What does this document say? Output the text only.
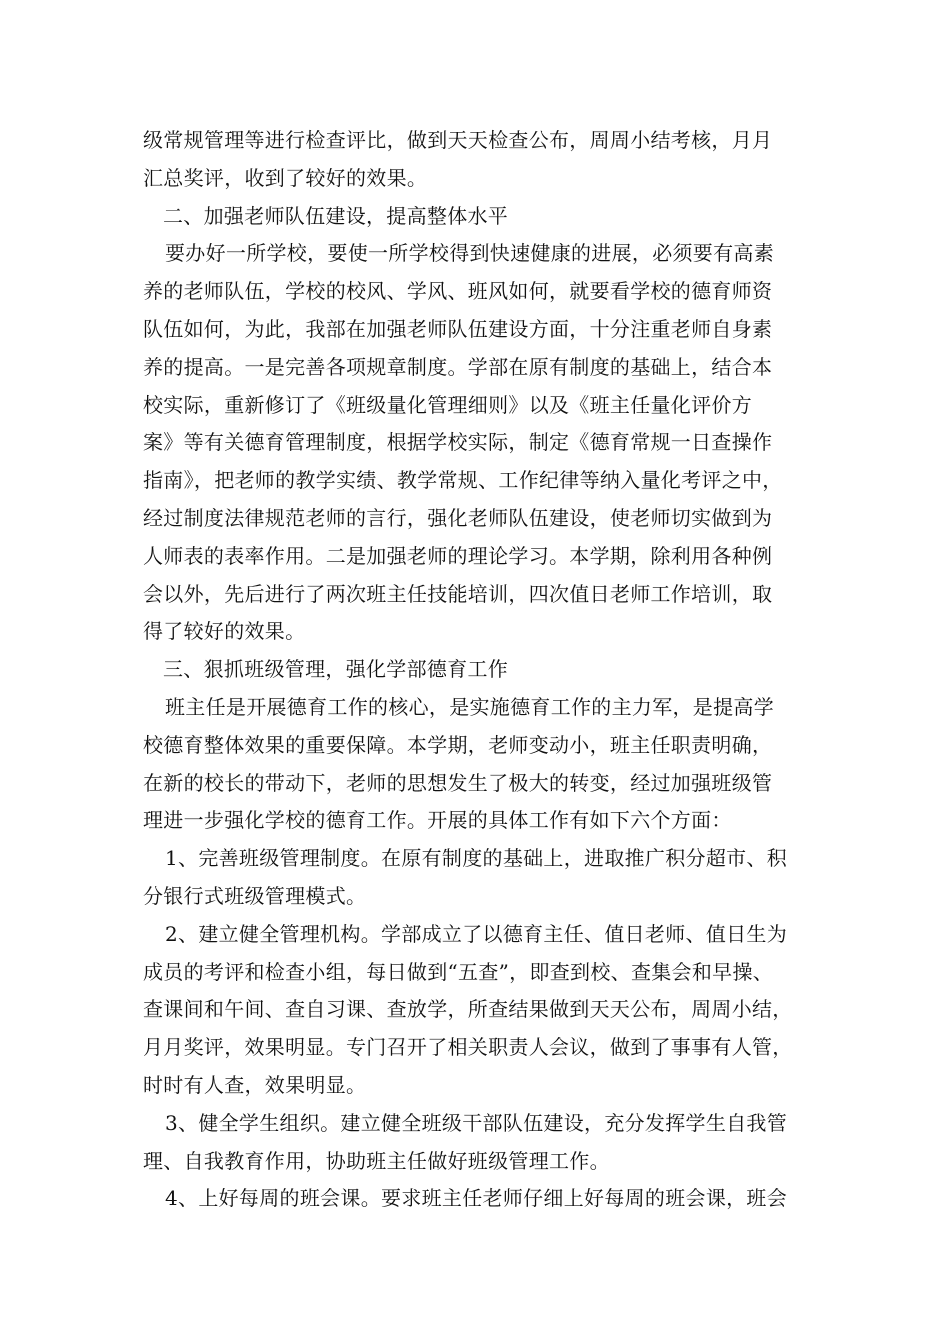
级常规管理等进行检查评比，做到天天检查公布，周周小结考核，月月
汇总奖评，收到了较好的效果。
二、加强老师队伍建设，提高整体水平
要办好一所学校，要使一所学校得到快速健康的进展，必须要有高素
养的老师队伍，学校的校风、学风、班风如何，就要看学校的德育师资
队伍如何，为此，我部在加强老师队伍建设方面，十分注重老师自身素
养的提高。一是完善各项规章制度。学部在原有制度的基础上，结合本
校实际，重新修订了《班级量化管理细则》以及《班主任量化评价方
案》等有关德育管理制度，根据学校实际，制定《德育常规一日查操作
指南》，把老师的教学实绩、教学常规、工作纪律等纳入量化考评之中，
经过制度法律规范老师的言行，强化老师队伍建设，使老师切实做到为
人师表的表率作用。二是加强老师的理论学习。本学期，除利用各种例
会以外，先后进行了两次班主任技能培训，四次值日老师工作培训，取
得了较好的效果。
三、狠抓班级管理，强化学部德育工作
班主任是开展德育工作的核心，是实施德育工作的主力军，是提高学
校德育整体效果的重要保障。本学期，老师变动小，班主任职责明确，
在新的校长的带动下，老师的思想发生了极大的转变，经过加强班级管
理进一步强化学校的德育工作。开展的具体工作有如下六个方面：
1、完善班级管理制度。在原有制度的基础上，进取推广积分超市、积
分银行式班级管理模式。
2、建立健全管理机构。学部成立了以德育主任、值日老师、值日生为
成员的考评和检查小组，每日做到“五查”，即查到校、查集会和早操、
查课间和午间、查自习课、查放学，所查结果做到天天公布，周周小结，
月月奖评，效果明显。专门召开了相关职责人会议，做到了事事有人管，
时时有人查，效果明显。
3、健全学生组织。建立健全班级干部队伍建设，充分发挥学生自我管
理、自我教育作用，协助班主任做好班级管理工作。
4、上好每周的班会课。要求班主任老师仔细上好每周的班会课，班会
